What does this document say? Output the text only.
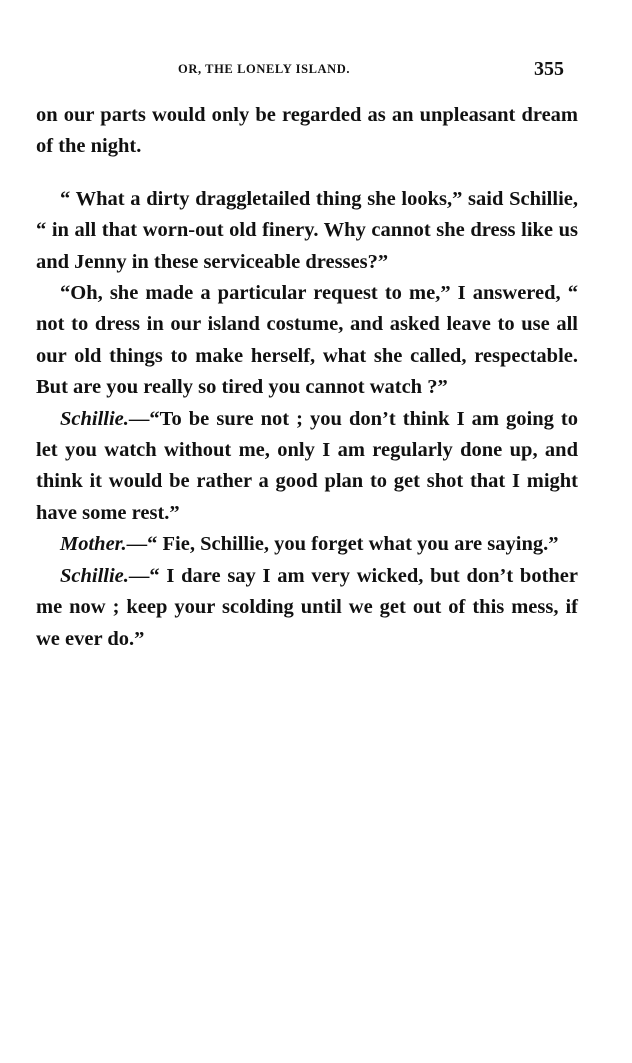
OR, THE LONELY ISLAND.	355

on our parts would only be regarded as an unpleasant dream of the night.

“ What a dirty draggletailed thing she looks,” said Schillie, “ in all that worn-out old finery. Why cannot she dress like us and Jenny in these serviceable dresses?”

“Oh, she made a particular request to me,” I answered, “ not to dress in our island costume, and asked leave to use all our old things to make herself, what she called, respectable. But are you really so tired you cannot watch ?”

Schillie.—“To be sure not ; you don’t think I am going to let you watch without me, only I am regularly done up, and think it would be rather a good plan to get shot that I might have some rest.”

Mother.—“ Fie, Schillie, you forget what you are saying.”

Schillie.—“ I dare say I am very wicked, but don’t bother me now ; keep your scolding until we get out of this mess, if we ever do.”
